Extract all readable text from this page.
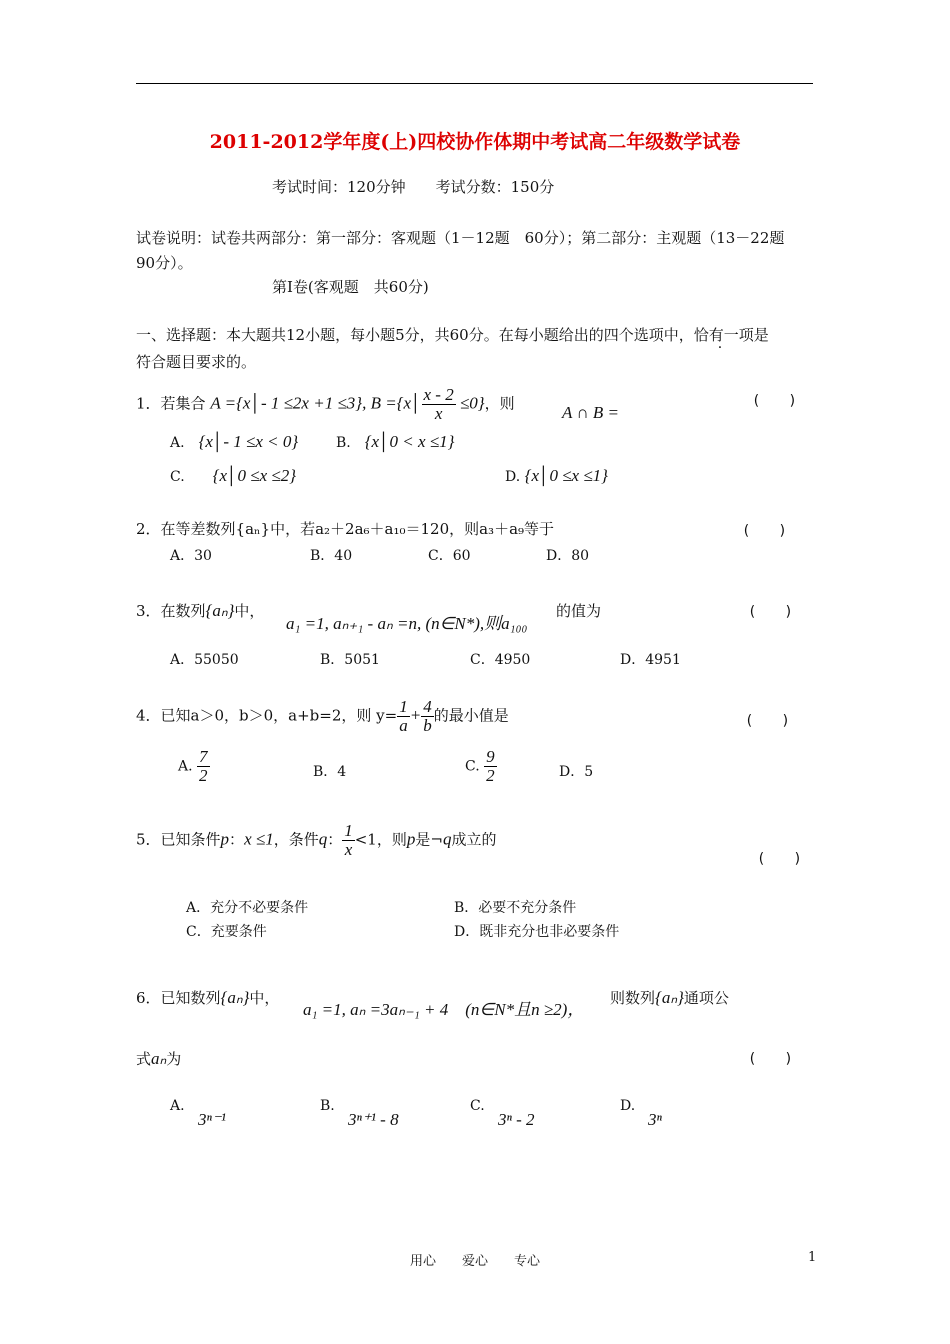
2011-2012学年度(上)四校协作体期中考试高二年级数学试卷
考试时间：120分钟　　考试分数：150分
试卷说明：试卷共两部分：第一部分：客观题（1－12题　60分）；第二部分：主观题（13－22题
90分）。
第Ⅰ卷(客观题　共60分)
一、选择题：本大题共12小题，每小题5分，共60分。在每小题给出的四个选项中，恰有一项是
符合题目要求的。
1．若集合 A ={x│- 1 ≤2x +1 ≤3}, B ={x│ $\frac{x - 2}{x} \le 0$}，则	A ∩ B =
(　　)
A.　 {x│- 1 ≤x < 0}	B.　 {x│0 < x ≤1}
C.　　 {x│0 ≤x ≤2}	D. {x│0 ≤x ≤1}
2．在等差数列{aₙ}中，若a₂＋2a₆＋a₁₀＝120，则a₃＋a₉等于	(　　)
A．30	B．40	C．60	D．80
3．在数列{aₙ}中，
a₁ =1, aₙ₊₁ - aₙ =n, (n∈N*),则a₁₀₀
的值为	(　　)
A．55050	B．5051	C．4950	D．4951
4．已知a＞0，b＞0，a+b=2，则 $y= \frac{1}{a} + \frac{4}{b}$ 的最小值是	(　　)
A. $\frac{7}{2}$	B．4	C. $\frac{9}{2}$	D．5
5．已知条件p：x ≤1，条件q： $\frac{1}{x} <1$，则p是¬q成立的
(　　)
A．充分不必要条件	B．必要不充分条件
C．充要条件	D．既非充分也非必要条件
6．已知数列{aₙ}中，
a₁ =1, aₙ =3aₙ₋₁ + 4　(n∈N*且n ≥2)，
则数列{aₙ}通项公
式aₙ为	(　　)
A.
3ⁿ⁻¹
B.
3ⁿ⁺¹ - 8
C.
3ⁿ - 2
D.
3ⁿ
用心　　爱心　　专心	1
